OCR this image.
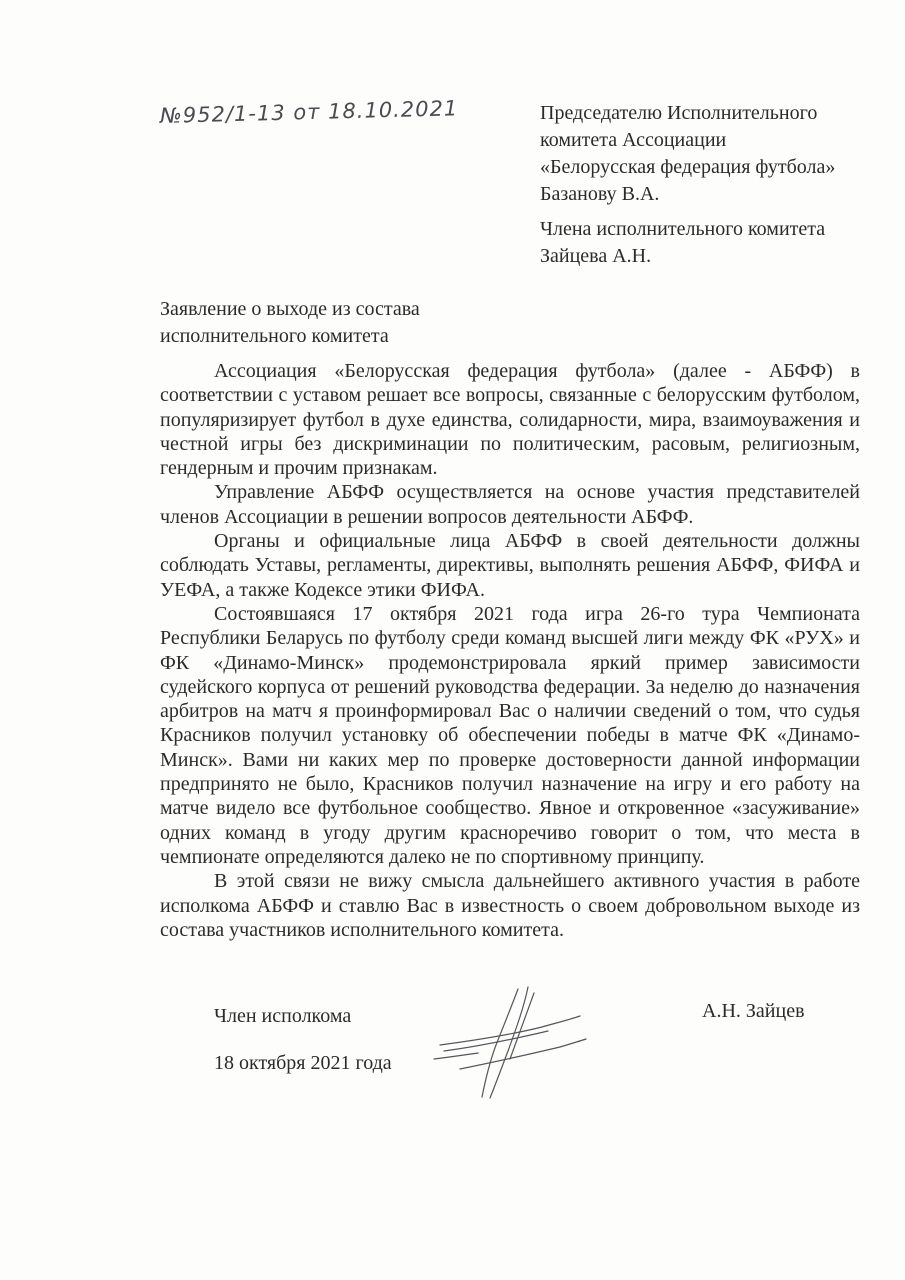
№952/1-13 от 18.10.2021	Председателю Исполнительного
комитета Ассоциации
«Белорусская федерация футбола»
Базанову В.А.
Члена исполнительного комитета
Зайцева А.Н.
Заявление о выходе из состава
исполнительного комитета

Ассоциация «Белорусская федерация футбола» (далее - АБФФ) в соответствии с уставом решает все вопросы, связанные с белорусским футболом, популяризирует футбол в духе единства, солидарности, мира, взаимоуважения и честной игры без дискриминации по политическим, расовым, религиозным, гендерным и прочим признакам.

Управление АБФФ осуществляется на основе участия представителей членов Ассоциации в решении вопросов деятельности АБФФ.

Органы и официальные лица АБФФ в своей деятельности должны соблюдать Уставы, регламенты, директивы, выполнять решения АБФФ, ФИФА и УЕФА, а также Кодексе этики ФИФА.

Состоявшаяся 17 октября 2021 года игра 26-го тура Чемпионата Республики Беларусь по футболу среди команд высшей лиги между ФК «РУХ» и ФК «Динамо-Минск» продемонстрировала яркий пример зависимости судейского корпуса от решений руководства федерации. За неделю до назначения арбитров на матч я проинформировал Вас о наличии сведений о том, что судья Красников получил установку об обеспечении победы в матче ФК «Динамо-Минск». Вами ни каких мер по проверке достоверности данной информации предпринято не было, Красников получил назначение на игру и его работу на матче видело все футбольное сообщество. Явное и откровенное «засуживание» одних команд в угоду другим красноречиво говорит о том, что места в чемпионате определяются далеко не по спортивному принципу.

В этой связи не вижу смысла дальнейшего активного участия в работе исполкома АБФФ и ставлю Вас в известность о своем добровольном выходе из состава участников исполнительного комитета.

Член исполкома	А.Н. Зайцев
18 октября 2021 года
